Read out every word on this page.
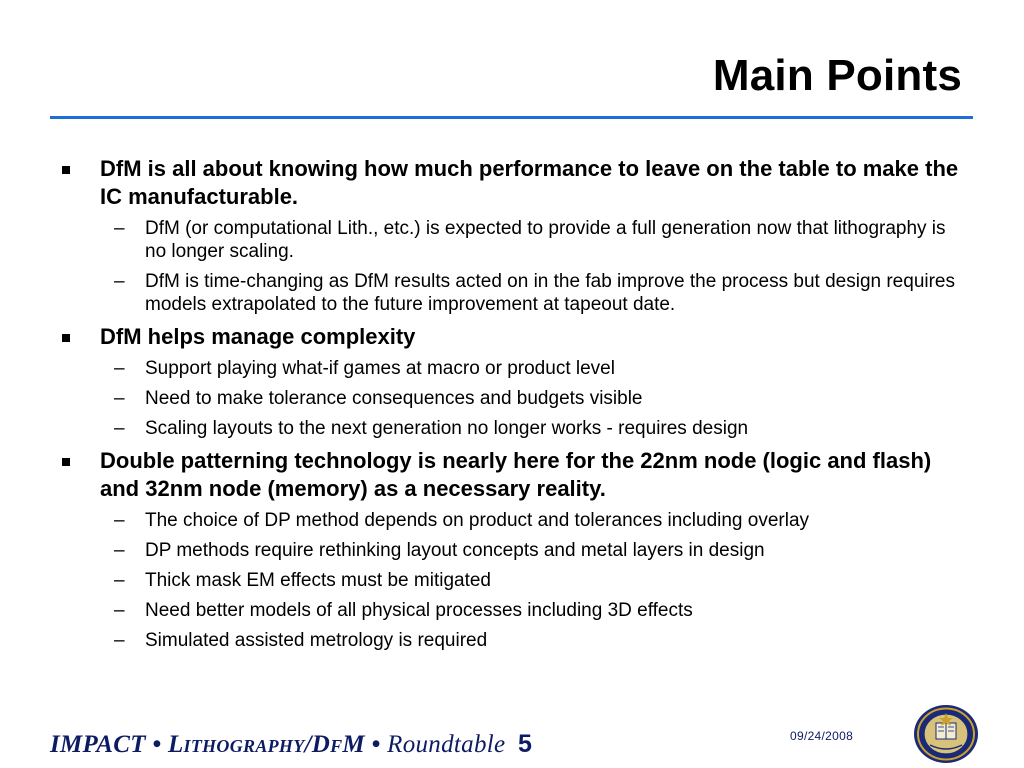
Main Points
DfM is all about knowing how much performance to leave on the table to make the IC manufacturable.
– DfM (or computational Lith., etc.) is expected to provide a full generation now that lithography is no longer scaling.
– DfM is time-changing as DfM results acted on in the fab improve the process but design requires models extrapolated to the future improvement at tapeout date.
DfM helps manage complexity
– Support playing what-if games at macro or product level
– Need to make tolerance consequences and budgets visible
– Scaling layouts to the next generation no longer works - requires design
Double patterning technology is nearly here for the 22nm node (logic and flash) and 32nm node (memory) as a necessary reality.
– The choice of DP method depends on product and tolerances including overlay
– DP methods require rethinking layout concepts and metal layers in design
– Thick mask EM effects must be mitigated
– Need better models of all physical processes including 3D effects
– Simulated assisted metrology is required
IMPACT • Lithography/DfM • Roundtable 5	09/24/2008
